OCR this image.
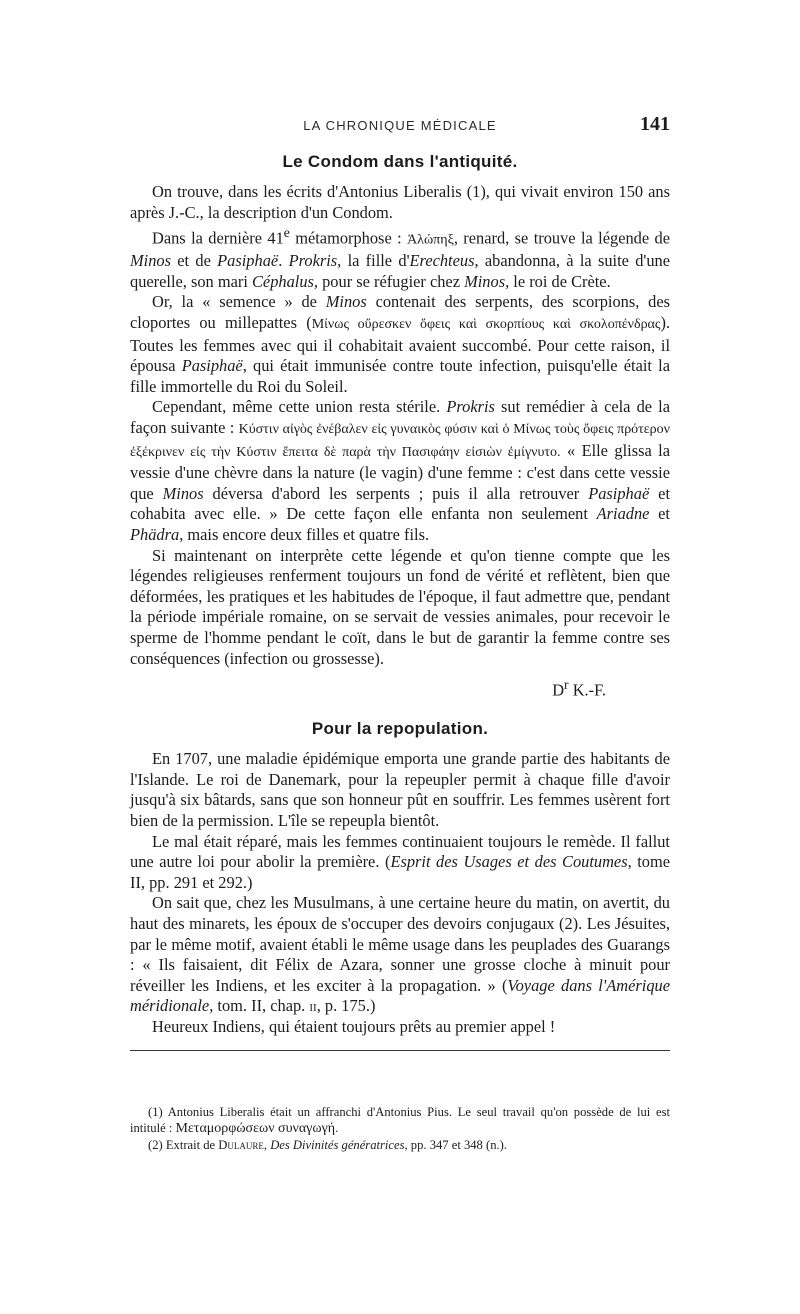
LA CHRONIQUE MÉDICALE	141
Le Condom dans l'antiquité.

On trouve, dans les écrits d'Antonius Liberalis (1), qui vivait environ 150 ans après J.-C., la description d'un Condom.

Dans la dernière 41e métamorphose : Ἀλώπηξ, renard, se trouve la légende de Minos et de Pasiphaë. Prokris, la fille d'Erechteus, abandonna, à la suite d'une querelle, son mari Céphalus, pour se réfugier chez Minos, le roi de Crète.

Or, la « semence » de Minos contenait des serpents, des scorpions, des cloportes ou millepattes (Μίνως οὔρεσκεν ὄφεις καὶ σκορπίους καὶ σκολοπένδρας). Toutes les femmes avec qui il cohabitait avaient succombé. Pour cette raison, il épousa Pasiphaë, qui était immunisée contre toute infection, puisqu'elle était la fille immortelle du Roi du Soleil.

Cependant, même cette union resta stérile. Prokris sut remédier à cela de la façon suivante : Κύστιν αἰγὸς ἐνέβαλεν εἰς γυναικὸς φύσιν καὶ ὁ Μίνως τοὺς ὄφεις πρότερον ἐξέκρινεν εἰς τὴν Κύστιν ἔπειτα δὲ παρὰ τὴν Πασιφάην εἰσιὼν ἐμίγνυτο. « Elle glissa la vessie d'une chèvre dans la nature (le vagin) d'une femme : c'est dans cette vessie que Minos déversa d'abord les serpents ; puis il alla retrouver Pasiphaë et cohabita avec elle. » De cette façon elle enfanta non seulement Ariadne et Phädra, mais encore deux filles et quatre fils.

Si maintenant on interprète cette légende et qu'on tienne compte que les légendes religieuses renferment toujours un fond de vérité et reflètent, bien que déformées, les pratiques et les habitudes de l'époque, il faut admettre que, pendant la période impériale romaine, on se servait de vessies animales, pour recevoir le sperme de l'homme pendant le coït, dans le but de garantir la femme contre ses conséquences (infection ou grossesse).

$D^r$ K.-F.

Pour la repopulation.

En 1707, une maladie épidémique emporta une grande partie des habitants de l'Islande. Le roi de Danemark, pour la repeupler permit à chaque fille d'avoir jusqu'à six bâtards, sans que son honneur pût en souffrir. Les femmes usèrent fort bien de la permission. L'île se repeupla bientôt.

Le mal était réparé, mais les femmes continuaient toujours le remède. Il fallut une autre loi pour abolir la première. (Esprit des Usages et des Coutumes, tome II, pp. 291 et 292.)

On sait que, chez les Musulmans, à une certaine heure du matin, on avertit, du haut des minarets, les époux de s'occuper des devoirs conjugaux (2). Les Jésuites, par le même motif, avaient établi le même usage dans les peuplades des Guarangs : « Ils faisaient, dit Félix de Azara, sonner une grosse cloche à minuit pour réveiller les Indiens, et les exciter à la propagation. » (Voyage dans l'Amérique méridionale, tom. II, chap. ii, p. 175.)

Heureux Indiens, qui étaient toujours prêts au premier appel !

(1) Antonius Liberalis était un affranchi d'Antonius Pius. Le seul travail qu'on possède de lui est intitulé : Μεταμορφώσεων συναγωγή.

(2) Extrait de Dulaure, Des Divinités génératrices, pp. 347 et 348 (n.).
